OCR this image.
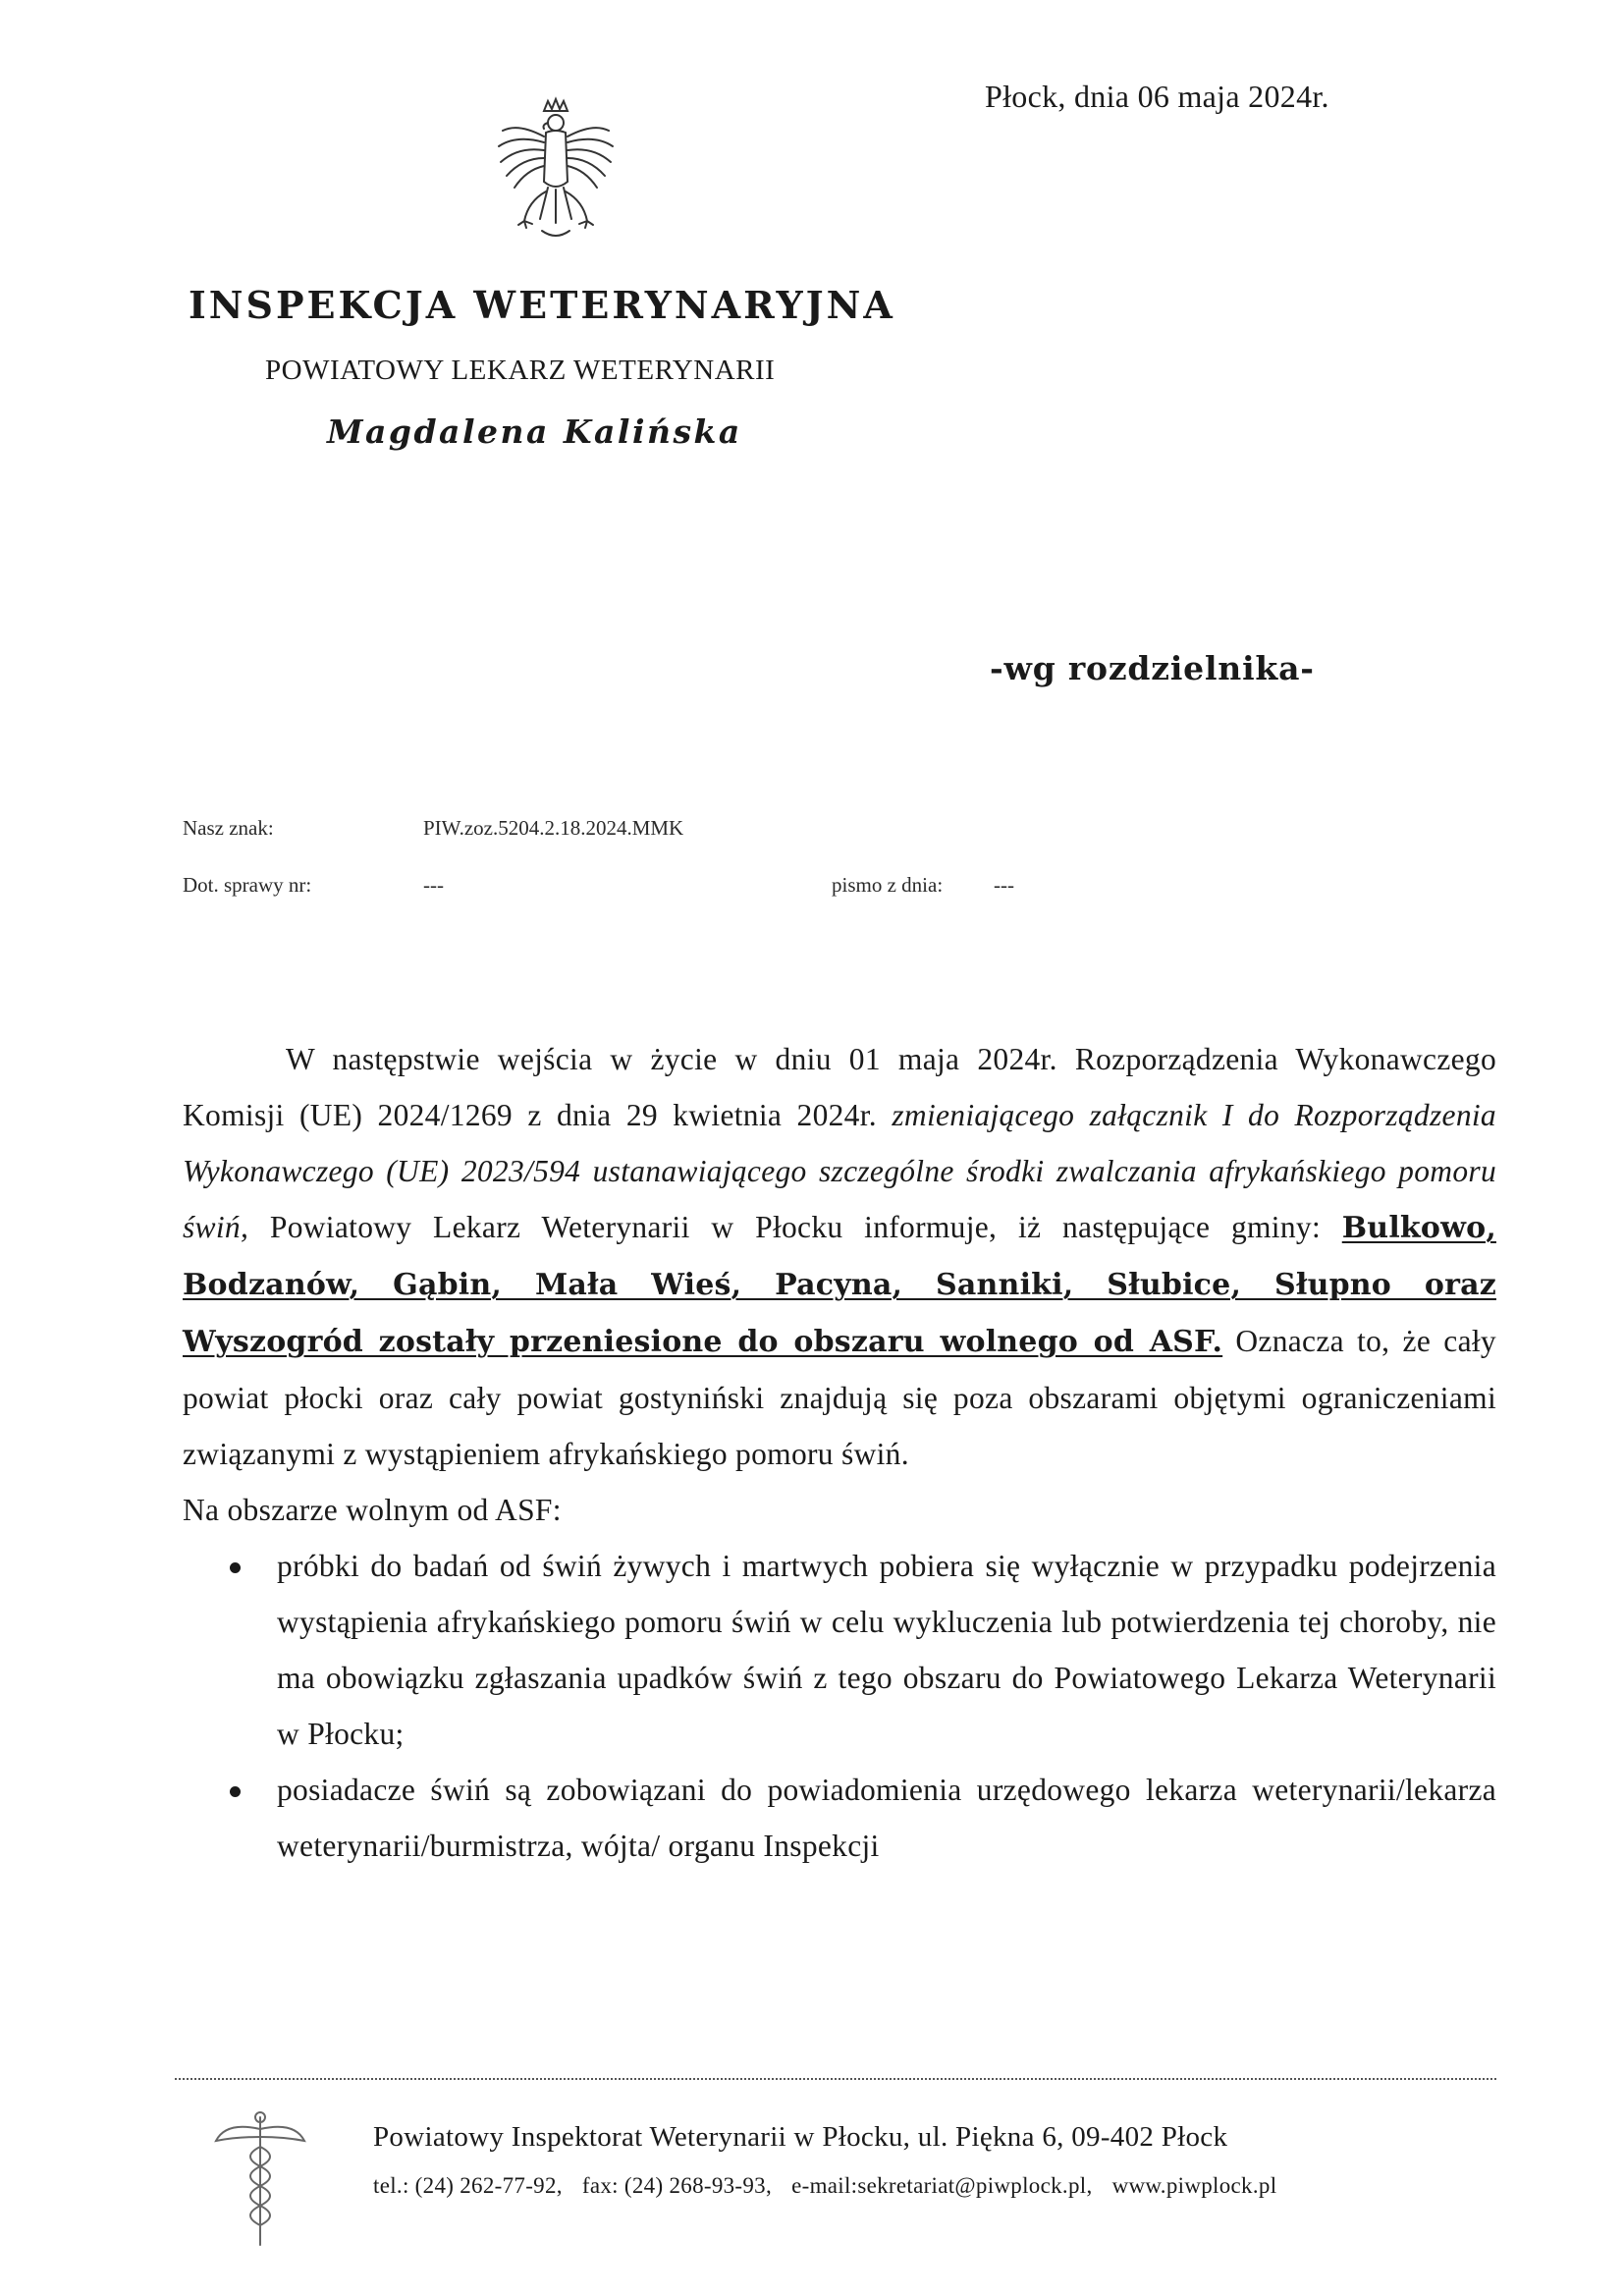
Płock, dnia 06 maja 2024r.
INSPEKCJA WETERYNARYJNA
POWIATOWY LEKARZ WETERYNARII
Magdalena Kalińska
-wg rozdzielnika-
Nasz znak:	PIW.zoz.5204.2.18.2024.MMK
Dot. sprawy nr:	---	pismo z dnia: ---

W następstwie wejścia w życie w dniu 01 maja 2024r. Rozporządzenia Wykonawczego Komisji (UE) 2024/1269 z dnia 29 kwietnia 2024r. zmieniającego załącznik I do Rozporządzenia Wykonawczego (UE) 2023/594 ustanawiającego szczególne środki zwalczania afrykańskiego pomoru świń, Powiatowy Lekarz Weterynarii w Płocku informuje, iż następujące gminy: Bulkowo, Bodzanów, Gąbin, Mała Wieś, Pacyna, Sanniki, Słubice, Słupno oraz Wyszogród zostały przeniesione do obszaru wolnego od ASF. Oznacza to, że cały powiat płocki oraz cały powiat gostyniński znajdują się poza obszarami objętymi ograniczeniami związanymi z wystąpieniem afrykańskiego pomoru świń.

Na obszarze wolnym od ASF:

próbki do badań od świń żywych i martwych pobiera się wyłącznie w przypadku podejrzenia wystąpienia afrykańskiego pomoru świń w celu wykluczenia lub potwierdzenia tej choroby, nie ma obowiązku zgłaszania upadków świń z tego obszaru do Powiatowego Lekarza Weterynarii w Płocku;
posiadacze świń są zobowiązani do powiadomienia urzędowego lekarza weterynarii/lekarza weterynarii/burmistrza, wójta/ organu Inspekcji
Powiatowy Inspektorat Weterynarii w Płocku, ul. Piękna 6, 09-402 Płock
tel.: (24) 262-77-92, fax: (24) 268-93-93, e-mail:sekretariat@piwplock.pl, www.piwplock.pl
